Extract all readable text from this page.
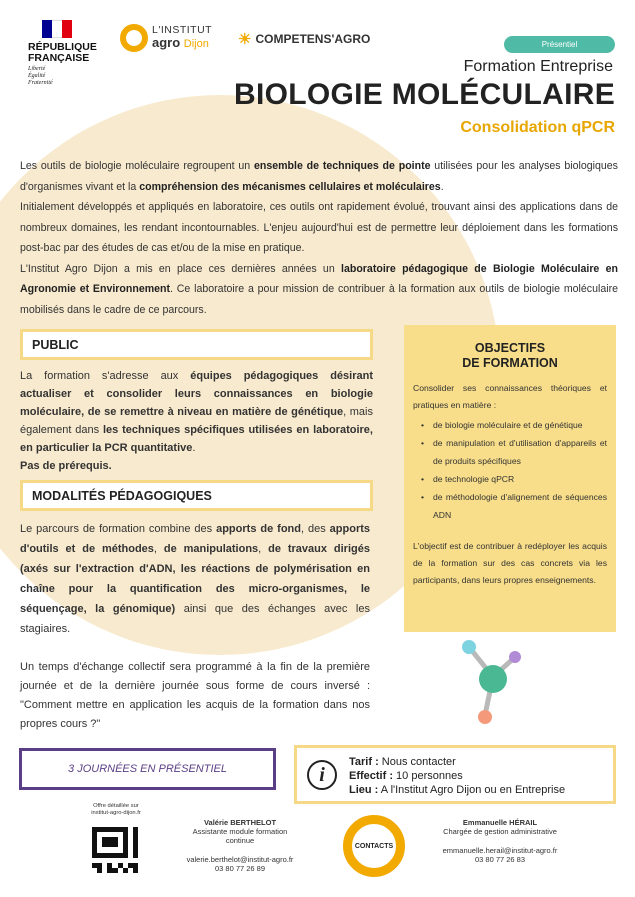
RÉPUBLIQUE
FRANÇAISE
Liberté
Égalité
Fraternité
L'INSTITUT
agro Dijon ☀ COMPETENS'AGRO	Présentiel
Formation Entreprise
BIOLOGIE MOLÉCULAIRE
Consolidation qPCR

Les outils de biologie moléculaire regroupent un ensemble de techniques de pointe utilisées pour les analyses biologiques d'organismes vivant et la compréhension des mécanismes cellulaires et moléculaires.

Initialement développés et appliqués en laboratoire, ces outils ont rapidement évolué, trouvant ainsi des applications dans de nombreux domaines, les rendant incontournables. L'enjeu aujourd'hui est de permettre leur déploiement dans les formations post-bac par des études de cas et/ou de la mise en pratique.

L'Institut Agro Dijon a mis en place ces dernières années un laboratoire pédagogique de Biologie Moléculaire en Agronomie et Environnement. Ce laboratoire a pour mission de contribuer à la formation aux outils de biologie moléculaire mobilisés dans le cadre de ce parcours.

PUBLIC
La formation s'adresse aux équipes pédagogiques désirant actualiser et consolider leurs connaissances en biologie moléculaire, de se remettre à niveau en matière de génétique, mais également dans les techniques spécifiques utilisées en laboratoire, en particulier la PCR quantitative.
Pas de prérequis.
MODALITÉS PÉDAGOGIQUES
Le parcours de formation combine des apports de fond, des apports d'outils et de méthodes, de manipulations, de travaux dirigés (axés sur l'extraction d'ADN, les réactions de polymérisation en chaîne pour la quantification des micro-organismes, le séquençage, la génomique) ainsi que des échanges avec les stagiaires.
Un temps d'échange collectif sera programmé à la fin de la première journée et de la dernière journée sous forme de cours inversé : "Comment mettre en application les acquis de la formation dans nos propres cours ?"
OBJECTIFS
DE FORMATION

Consolider ses connaissances théoriques et pratiques en matière :

• de biologie moléculaire et de génétique
• de manipulation et d'utilisation d'appareils et de produits spécifiques
• de technologie qPCR
• de méthodologie d'alignement de séquences ADN

L'objectif est de contribuer à redéployer les acquis de la formation sur des cas concrets via les participants, dans leurs propres enseignements.

3 JOURNÉES EN PRÉSENTIEL	i
Tarif : Nous contacter
Effectif : 10 personnes
Lieu : A l'Institut Agro Dijon ou en Entreprise
Offre détaillée sur
institut-agro-dijon.fr
Valérie BERTHELOT
Assistante module formation
continue
valerie.berthelot@institut-agro.fr
03 80 77 26 89
CONTACTS
Emmanuelle HÉRAIL
Chargée de gestion administrative
emmanuelle.herail@institut-agro.fr
03 80 77 26 83
